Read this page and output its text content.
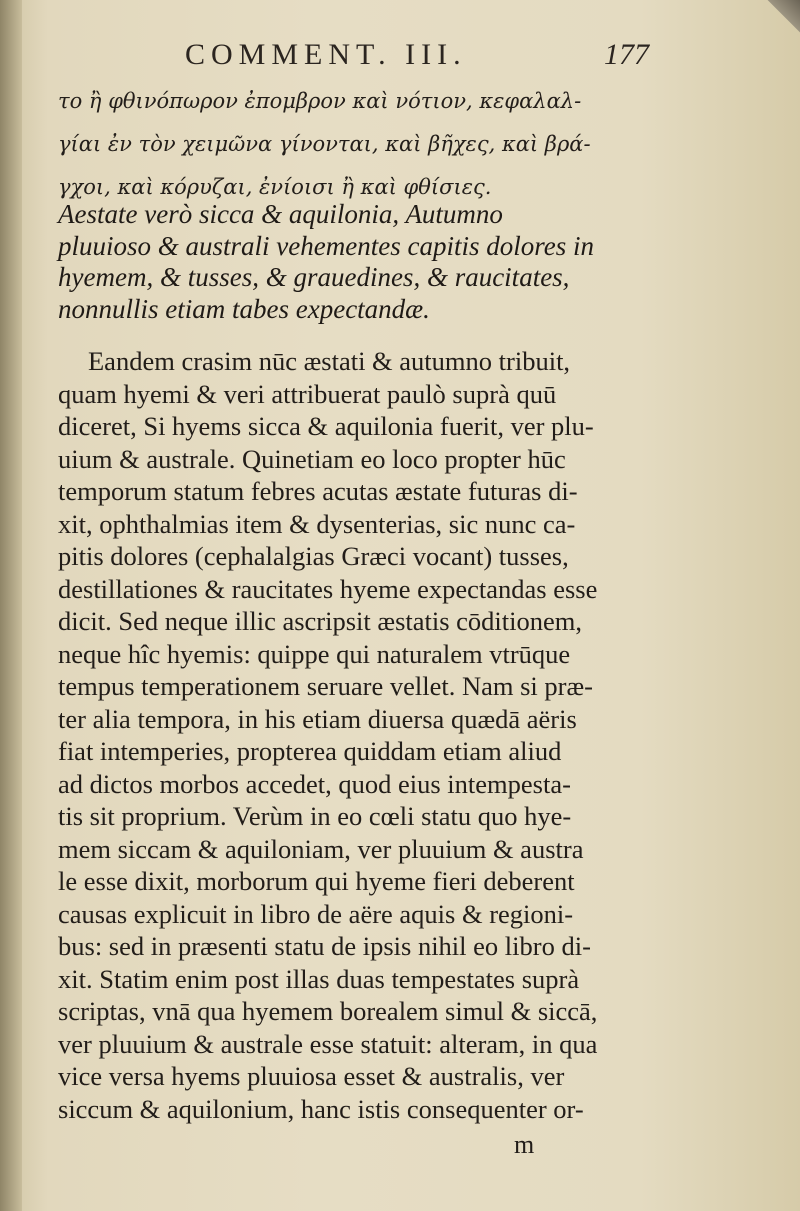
COMMENT. III.	177
το ἢ φθινόπωρον ἐπομβρον καὶ νότιον, κεφαλαλ-
γίαι ἐν τὸν χειμῶνα γίνονται, καὶ βῆχες, καὶ βρά-
γχοι, καὶ κόρυζαι, ἐνίοισι ἢ καὶ φθίσιες.
Aestate verò sicca & aquilonia, Autumno
pluuioso & australi vehementes capitis dolores in
hyemem, & tusses, & grauedines, & raucitates,
nonnullis etiam tabes expectandæ.
Eandem crasim nūc æstati & autumno tribuit,
quam hyemi & veri attribuerat paulò suprà quū
diceret, Si hyems sicca & aquilonia fuerit, ver plu-
uium & australe. Quinetiam eo loco propter hūc
temporum statum febres acutas æstate futuras di-
xit, ophthalmias item & dysenterias, sic nunc ca-
pitis dolores (cephalalgias Græci vocant) tusses,
destillationes & raucitates hyeme expectandas esse
dicit. Sed neque illic ascripsit æstatis cōditionem,
neque hîc hyemis: quippe qui naturalem vtrūque
tempus temperationem seruare vellet. Nam si præ-
ter alia tempora, in his etiam diuersa quædā aëris
fiat intemperies, propterea quiddam etiam aliud
ad dictos morbos accedet, quod eius intempesta-
tis sit proprium. Verùm in eo cœli statu quo hye-
mem siccam & aquiloniam, ver pluuium & austra
le esse dixit, morborum qui hyeme fieri deberent
causas explicuit in libro de aëre aquis & regioni-
bus: sed in præsenti statu de ipsis nihil eo libro di-
xit. Statim enim post illas duas tempestates suprà
scriptas, vnā qua hyemem borealem simul & siccā,
ver pluuium & australe esse statuit: alteram, in qua
vice versa hyems pluuiosa esset & australis, ver
siccum & aquilonium, hanc istis consequenter or-
m
